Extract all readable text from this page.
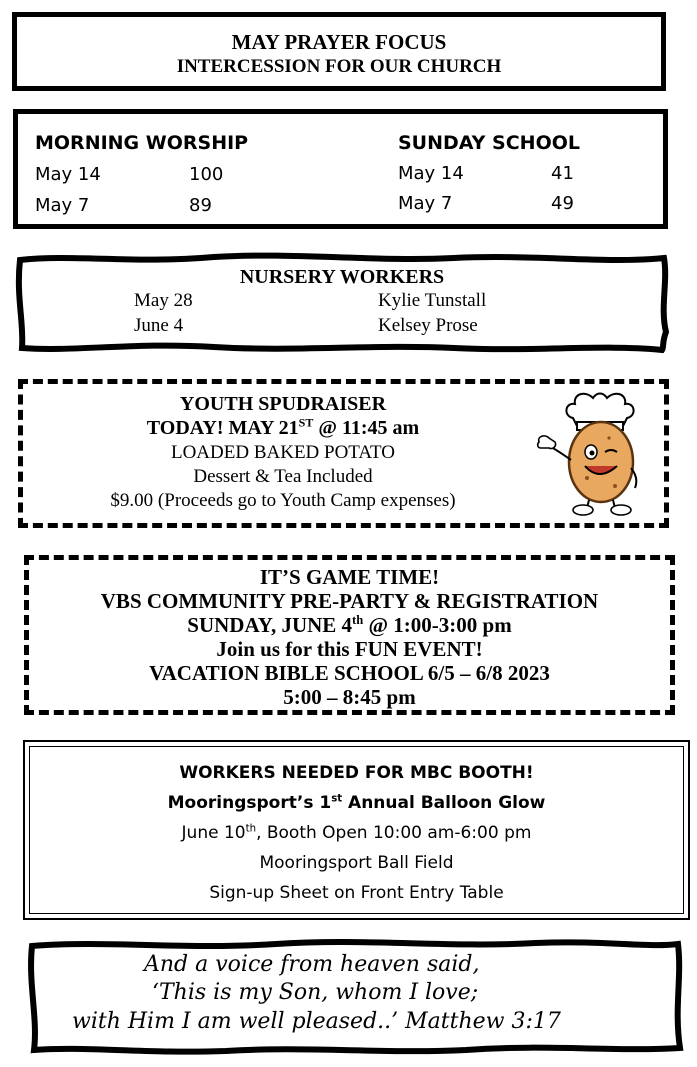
MAY PRAYER FOCUS
INTERCESSION FOR OUR CHURCH
MORNING WORSHIP
May 14	100
May 7	89
SUNDAY SCHOOL
May 14	41
May 7	49
NURSERY WORKERS
May 28	Kylie Tunstall
June 4	Kelsey Prose
YOUTH SPUDRAISER
TODAY! MAY 21ST @ 11:45 am
LOADED BAKED POTATO
Dessert & Tea Included
$9.00 (Proceeds go to Youth Camp expenses)
IT’S GAME TIME!
VBS COMMUNITY PRE-PARTY & REGISTRATION
SUNDAY, JUNE 4th @ 1:00-3:00 pm
Join us for this FUN EVENT!
VACATION BIBLE SCHOOL 6/5 – 6/8 2023
5:00 – 8:45 pm
WORKERS NEEDED FOR MBC BOOTH!
Mooringsport’s 1st Annual Balloon Glow
June 10th, Booth Open 10:00 am-6:00 pm
Mooringsport Ball Field
Sign-up Sheet on Front Entry Table
And a voice from heaven said,
‘This is my Son, whom I love;
with Him I am well pleased..’ Matthew 3:17
